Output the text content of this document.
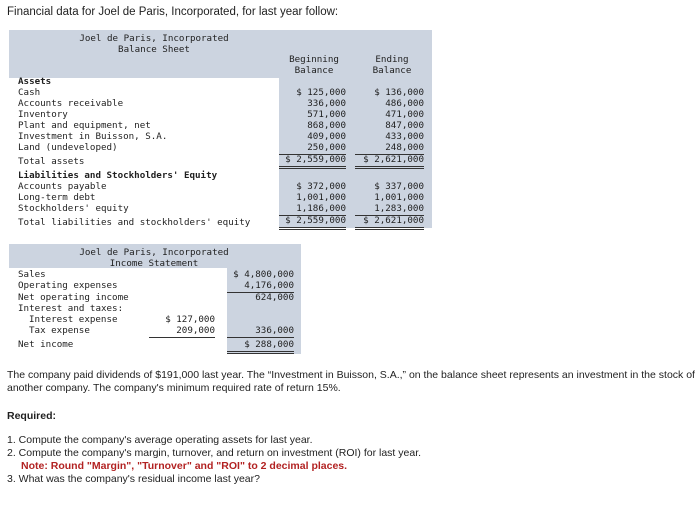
Financial data for Joel de Paris, Incorporated, for last year follow:
Joel de Paris, Incorporated
Balance Sheet
Beginning
Balance
Ending
Balance
Assets
Cash	$ 125,000	$ 136,000
Accounts receivable	336,000	486,000
Inventory	571,000	471,000
Plant and equipment, net	868,000	847,000
Investment in Buisson, S.A.	409,000	433,000
Land (undeveloped)	250,000	248,000
Total assets	$ 2,559,000	$ 2,621,000
Liabilities and Stockholders' Equity
Accounts payable	$ 372,000	$ 337,000
Long-term debt	1,001,000	1,001,000
Stockholders' equity	1,186,000	1,283,000
Total liabilities and stockholders' equity	$ 2,559,000	$ 2,621,000
Joel de Paris, Incorporated
Income Statement
Sales	$ 4,800,000
Operating expenses	4,176,000
Net operating income	624,000
Interest and taxes:
Interest expense	$ 127,000
Tax expense	209,000	336,000
Net income	$ 288,000
The company paid dividends of $191,000 last year. The “Investment in Buisson, S.A.,” on the balance sheet represents an investment in the stock of another company. The company's minimum required rate of return 15%.
Required:
1. Compute the company's average operating assets for last year.
2. Compute the company's margin, turnover, and return on investment (ROI) for last year.
Note: Round "Margin", "Turnover" and "ROI" to 2 decimal places.
3. What was the company's residual income last year?
